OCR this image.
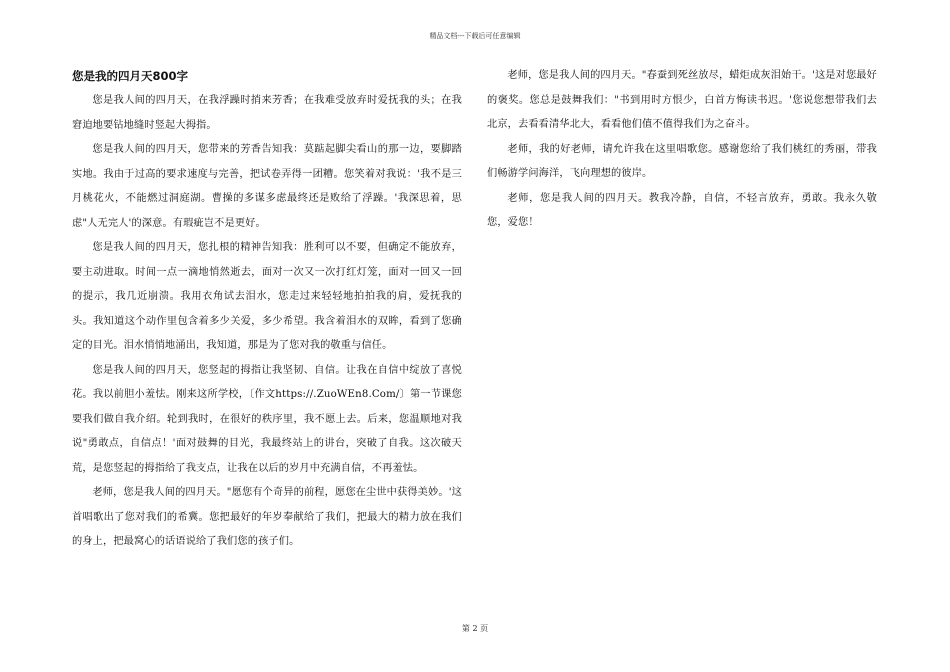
精品文档---下载后可任意编辑
您是我的四月天800字

您是我人间的四月天，在我浮躁时捎来芳香；在我难受放弃时爱抚我的头；在我窘迫地要钻地缝时竖起大拇指。

您是我人间的四月天，您带来的芳香告知我：莫踮起脚尖看山的那一边，要脚踏实地。我由于过高的要求速度与完善，把试卷弄得一团糟。您笑着对我说：'我不是三月桃花火，不能燃过洞庭湖。曹操的多谋多虑最终还是败给了浮躁。'我深思着，思虑"人无完人'的深意。有瑕疵岂不是更好。

您是我人间的四月天，您扎根的精神告知我：胜利可以不要，但确定不能放弃，要主动进取。时间一点一滴地悄然逝去，面对一次又一次打红灯笼，面对一回又一回的提示，我几近崩溃。我用衣角试去泪水，您走过来轻轻地拍拍我的肩，爱抚我的头。我知道这个动作里包含着多少关爱，多少希望。我含着泪水的双眸，看到了您确定的目光。泪水悄悄地涌出，我知道，那是为了您对我的敬重与信任。

您是我人间的四月天，您竖起的拇指让我坚韧、自信。让我在自信中绽放了喜悦花。我以前胆小羞怯。刚来这所学校，〔作文https://.ZuoWEn8.Com/〕第一节课您要我们做自我介绍。轮到我时，在很好的秩序里，我不愿上去。后来，您温顺地对我说"勇敢点，自信点！'面对鼓舞的目光，我最终站上的讲台，突破了自我。这次破天荒，是您竖起的拇指给了我支点，让我在以后的岁月中充满自信，不再羞怯。

老师，您是我人间的四月天。"愿您有个奇异的前程，愿您在尘世中获得美妙。'这首唱歌出了您对我们的希冀。您把最好的年岁奉献给了我们，把最大的精力放在我们的身上，把最窝心的话语说给了我们您的孩子们。

老师，您是我人间的四月天。"春蚕到死丝放尽，蜡炬成灰泪始干。'这是对您最好的褒奖。您总是鼓舞我们："书到用时方恨少，白首方悔读书迟。'您说您想带我们去北京，去看看清华北大，看看他们值不值得我们为之奋斗。

老师，我的好老师，请允许我在这里唱歌您。感谢您给了我们桃红的秀丽，带我们畅游学问海洋，飞向理想的彼岸。

老师，您是我人间的四月天。教我冷静，自信，不轻言放弃，勇敢。我永久敬您，爱您！

第 2 页
